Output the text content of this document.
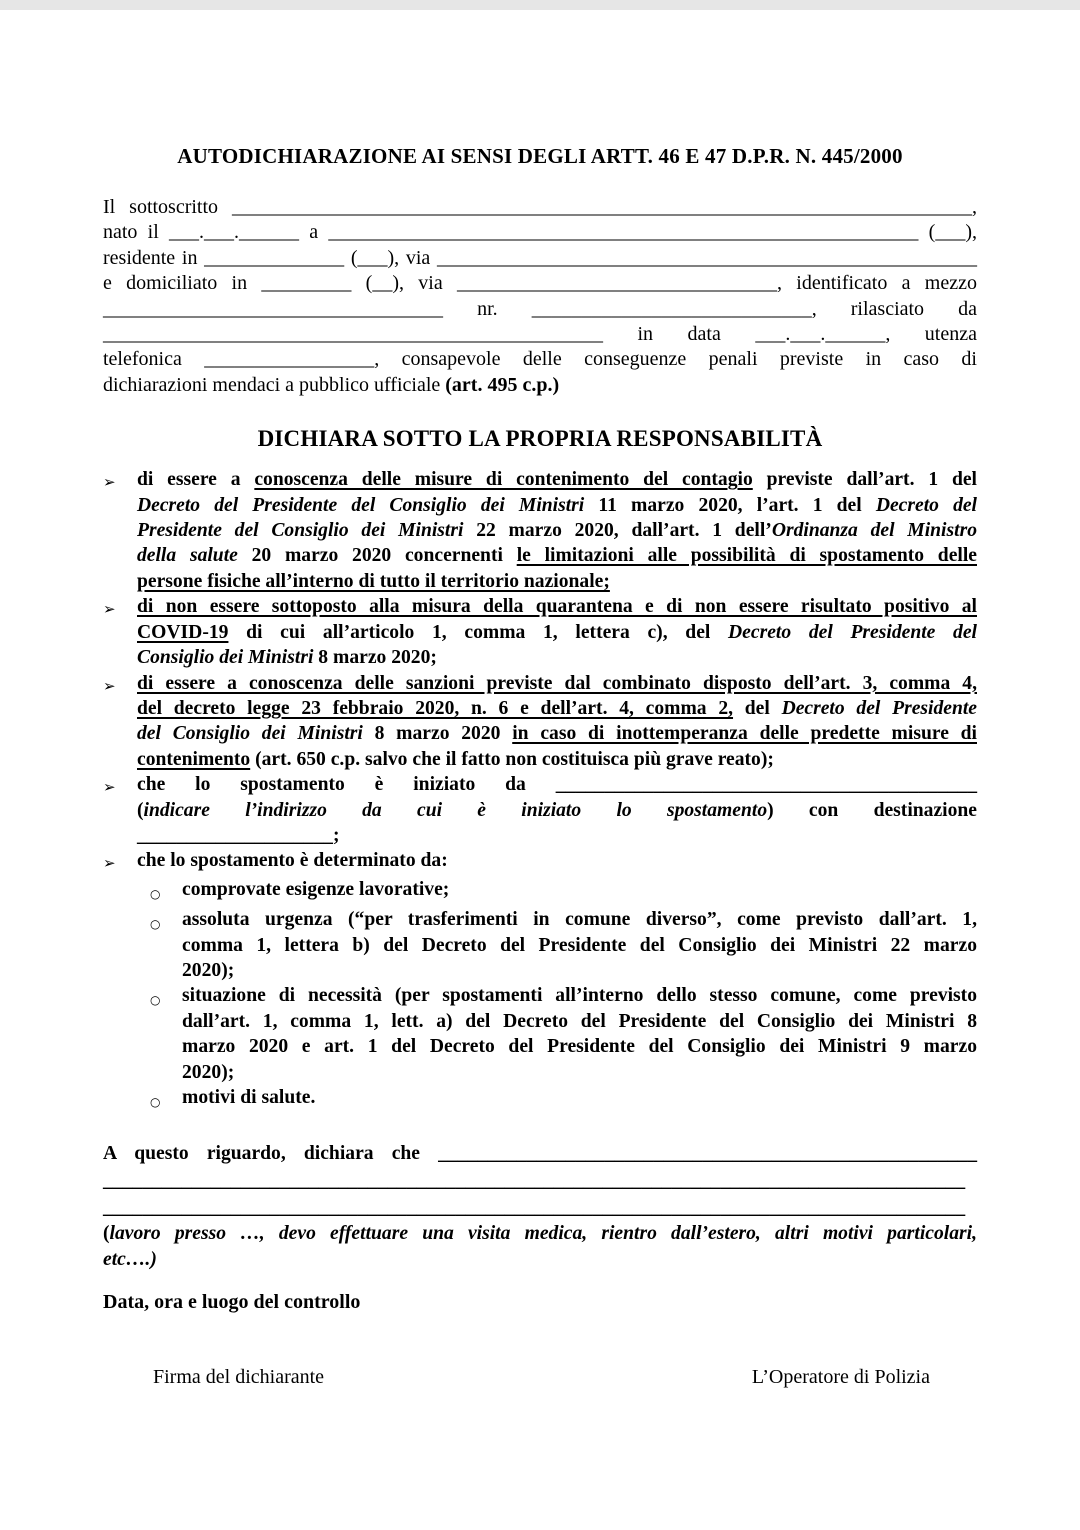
AUTODICHIARAZIONE AI SENSI DEGLI ARTT. 46 E 47 D.P.R. N. 445/2000
Il sottoscritto __________________________________________________________________________,
nato il ___.___.______ a ___________________________________________________________ (___),
residente in ______________ (___), via ______________________________________________________
e domiciliato in _________ (__), via ________________________________, identificato a mezzo
__________________________________ nr. ____________________________, rilasciato da
__________________________________________________ in data ___.___.______, utenza
telefonica _________________, consapevole delle conseguenze penali previste in caso di
dichiarazioni mendaci a pubblico ufficiale (art. 495 c.p.)
DICHIARA SOTTO LA PROPRIA RESPONSABILITÀ
➢	di essere a conoscenza delle misure di contenimento del contagio previste dall’art. 1 del
Decreto del Presidente del Consiglio dei Ministri 11 marzo 2020, l’art. 1 del Decreto del
Presidente del Consiglio dei Ministri 22 marzo 2020, dall’art. 1 dell’Ordinanza del Ministro
della salute 20 marzo 2020 concernenti le limitazioni alle possibilità di spostamento delle
persone fisiche all’interno di tutto il territorio nazionale;
➢	di non essere sottoposto alla misura della quarantena e di non essere risultato positivo al
COVID-19 di cui all’articolo 1, comma 1, lettera c), del Decreto del Presidente del
Consiglio dei Ministri 8 marzo 2020;
➢	di essere a conoscenza delle sanzioni previste dal combinato disposto dell’art. 3, comma 4,
del decreto legge 23 febbraio 2020, n. 6 e dell’art. 4, comma 2, del Decreto del Presidente
del Consiglio dei Ministri 8 marzo 2020 in caso di inottemperanza delle predette misure di
contenimento (art. 650 c.p. salvo che il fatto non costituisca più grave reato);
➢	che lo spostamento è iniziato da ___________________________________________
(indicare l’indirizzo da cui è iniziato lo spostamento) con destinazione
____________________;
➢	che lo spostamento è determinato da:
○	comprovate esigenze lavorative;
○	assoluta urgenza (“per trasferimenti in comune diverso”, come previsto dall’art. 1,
comma 1, lettera b) del Decreto del Presidente del Consiglio dei Ministri 22 marzo
2020);
○	situazione di necessità (per spostamenti all’interno dello stesso comune, come previsto
dall’art. 1, comma 1, lett. a) del Decreto del Presidente del Consiglio dei Ministri 8
marzo 2020 e art. 1 del Decreto del Presidente del Consiglio dei Ministri 9 marzo
2020);
○	motivi di salute.
A questo riguardo, dichiara che _______________________________________________________
________________________________________________________________________________________
________________________________________________________________________________________
(lavoro presso …, devo effettuare una visita medica, rientro dall’estero, altri motivi particolari,
etc….)
Data, ora e luogo del controllo
Firma del dichiarante	L’Operatore di Polizia
